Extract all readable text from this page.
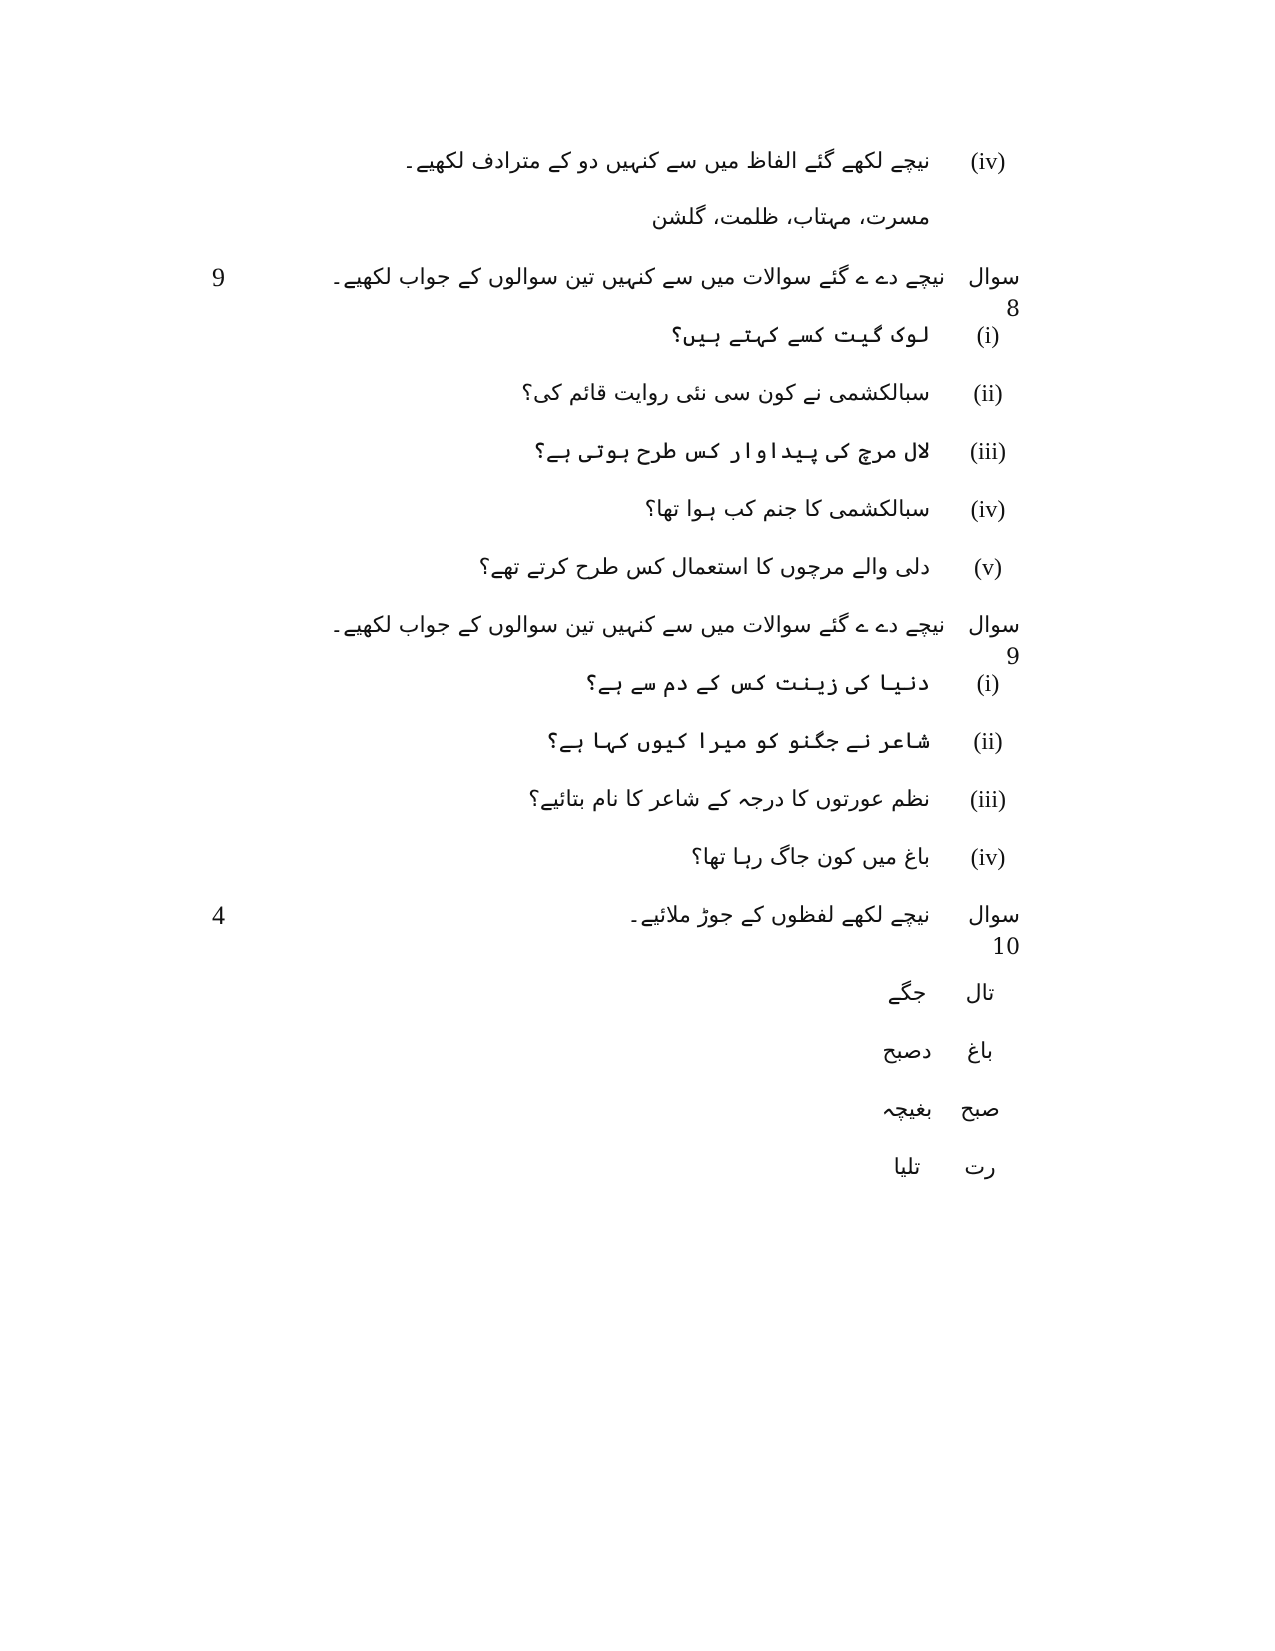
(iv)
نیچے لکھے گئے الفاظ میں سے کنہیں دو کے مترادف لکھیے۔
مسرت، مہتاب، ظلمت، گلشن
9	سوال 8
نیچے دے ے گئے سوالات میں سے کنہیں تین سوالوں کے جواب لکھیے۔
(i)
لوک گیت کسے کہتے ہیں؟
(ii)
سبالکشمی نے کون سی نئی روایت قائم کی؟
(iii)
لال مرچ کی پیداوار کس طرح ہوتی ہے؟
(iv)
سبالکشمی کا جنم کب ہوا تھا؟
(v)
دلی والے مرچوں کا استعمال کس طرح کرتے تھے؟
سوال 9
نیچے دے ے گئے سوالات میں سے کنہیں تین سوالوں کے جواب لکھیے۔
(i)
دنیا کی زینت کس کے دم سے ہے؟
(ii)
شاعر نے جگنو کو میرا کیوں کہا ہے؟
(iii)
نظم عورتوں کا درجہ کے شاعر کا نام بتائیے؟
(iv)
باغ میں کون جاگ رہا تھا؟
4	سوال 10
نیچے لکھے لفظوں کے جوڑ ملائیے۔
تال
جگے
باغ
دصبح
صبح
بغیچہ
رت
تلیا
